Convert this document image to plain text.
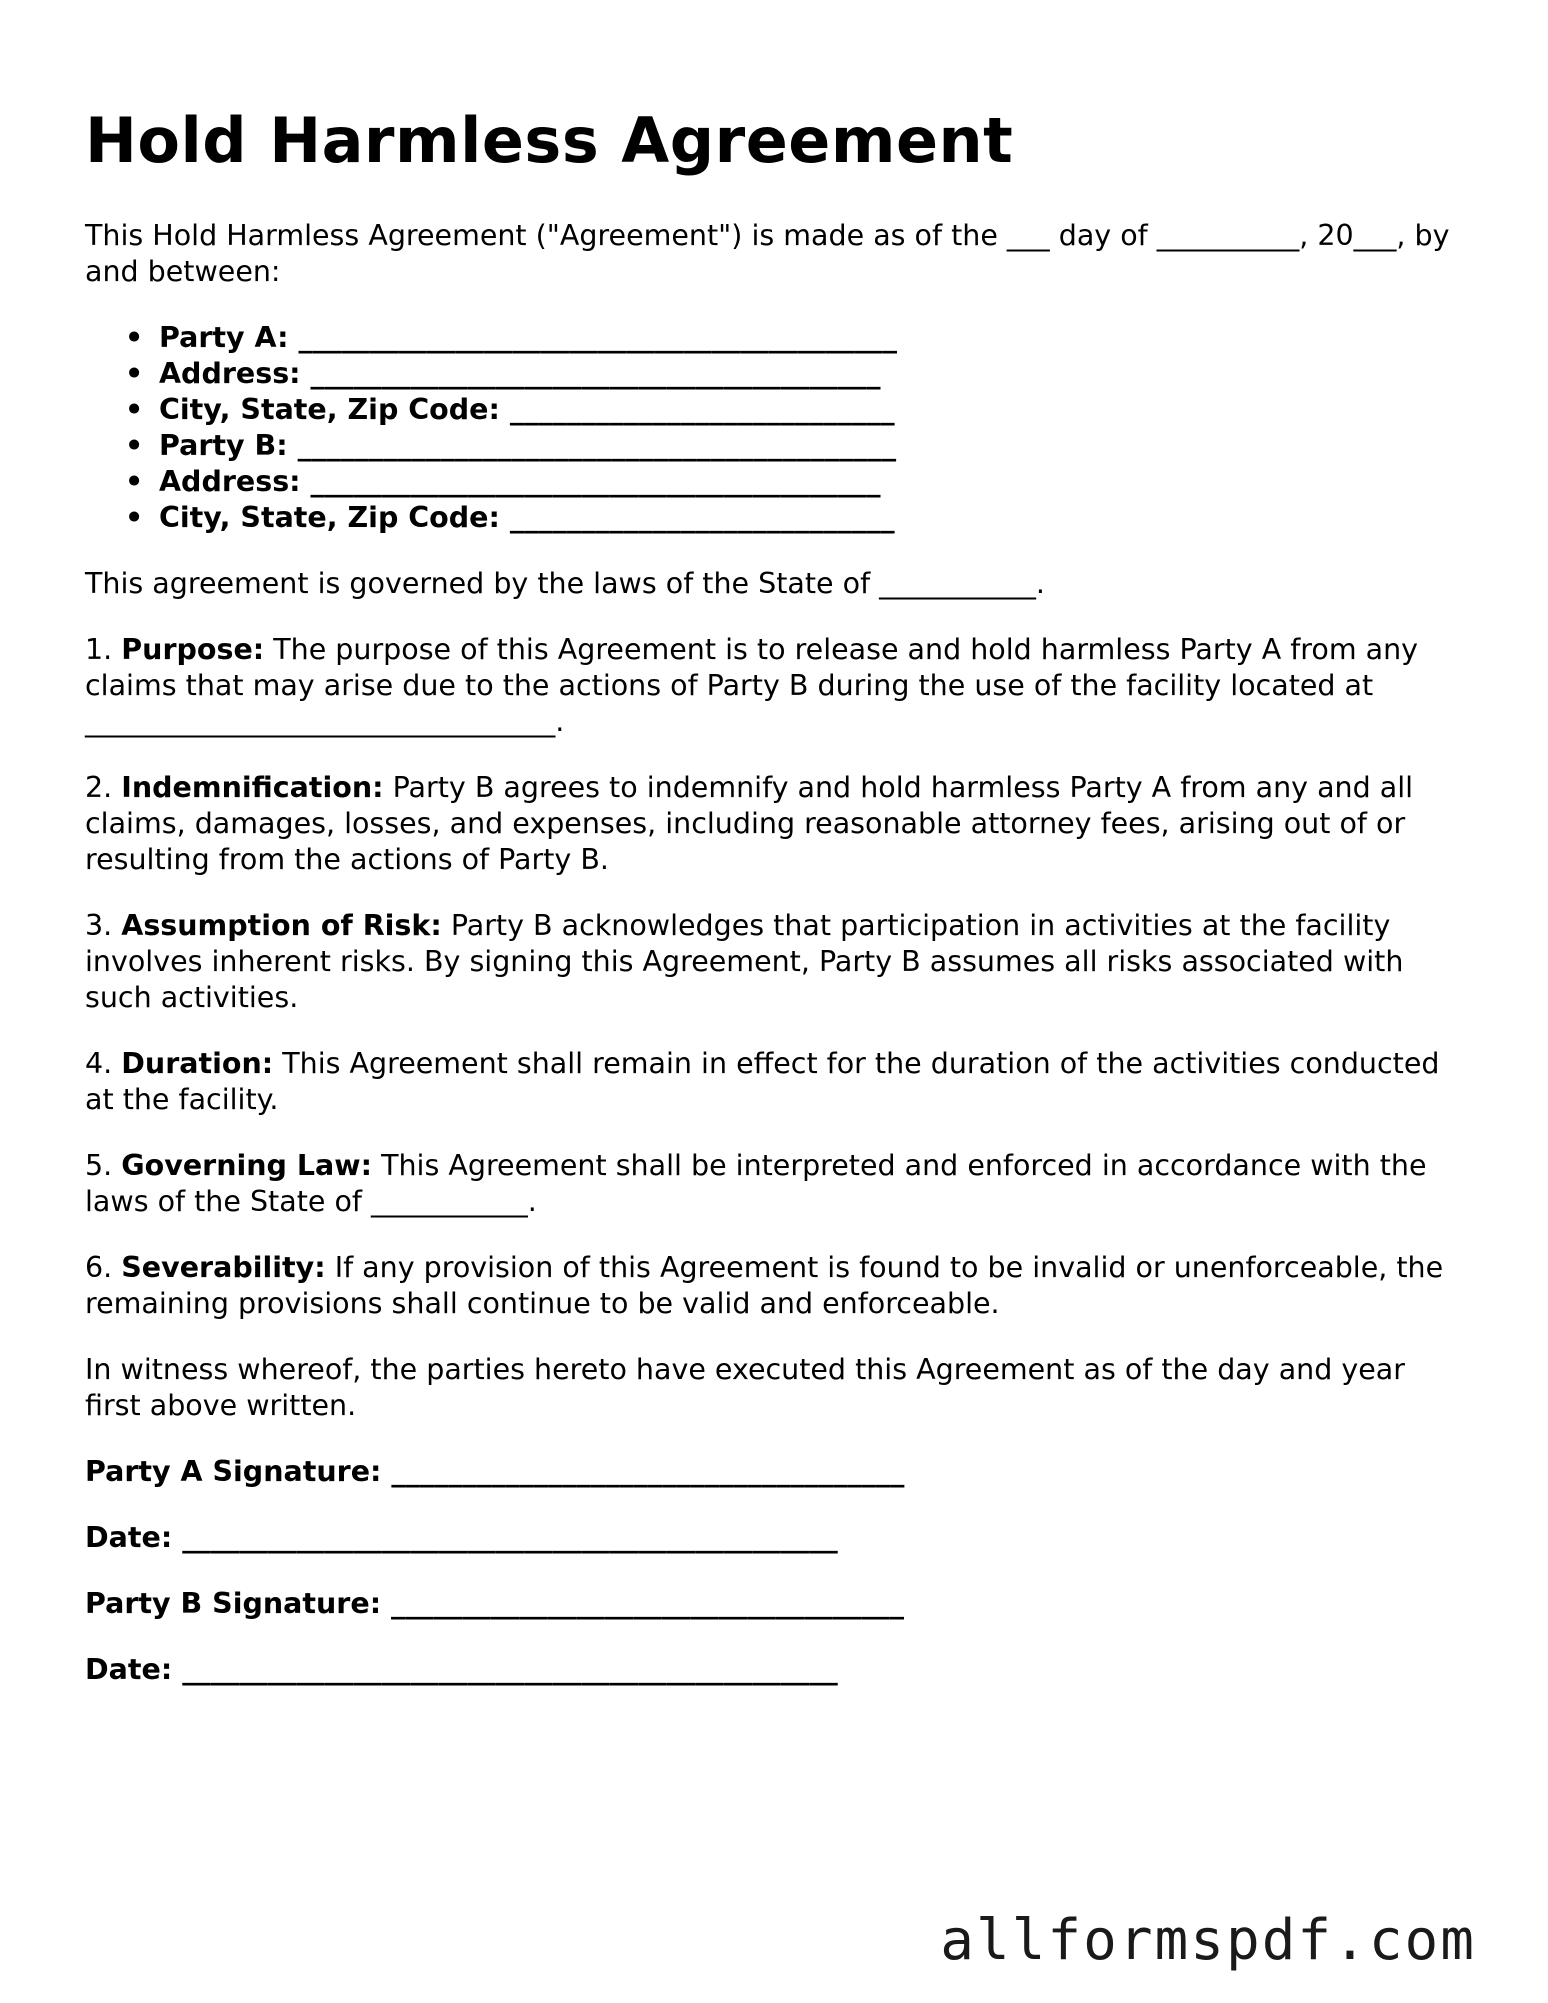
Hold Harmless Agreement

This Hold Harmless Agreement ("Agreement") is made as of the ___ day of __________, 20___, by and between:

• Party A: __________________________________________
• Address: ________________________________________
• City, State, Zip Code: ___________________________
• Party B: __________________________________________
• Address: ________________________________________
• City, State, Zip Code: ___________________________

This agreement is governed by the laws of the State of ___________.

1. Purpose: The purpose of this Agreement is to release and hold harmless Party A from any claims that may arise due to the actions of Party B during the use of the facility located at _________________________________.

2. Indemnification: Party B agrees to indemnify and hold harmless Party A from any and all claims, damages, losses, and expenses, including reasonable attorney fees, arising out of or resulting from the actions of Party B.

3. Assumption of Risk: Party B acknowledges that participation in activities at the facility involves inherent risks. By signing this Agreement, Party B assumes all risks associated with such activities.

4. Duration: This Agreement shall remain in effect for the duration of the activities conducted at the facility.

5. Governing Law: This Agreement shall be interpreted and enforced in accordance with the laws of the State of ___________.

6. Severability: If any provision of this Agreement is found to be invalid or unenforceable, the remaining provisions shall continue to be valid and enforceable.

In witness whereof, the parties hereto have executed this Agreement as of the day and year first above written.

Party A Signature: ____________________________________
Date: ______________________________________________
Party B Signature: ____________________________________
Date: ______________________________________________
allformspdf.com
